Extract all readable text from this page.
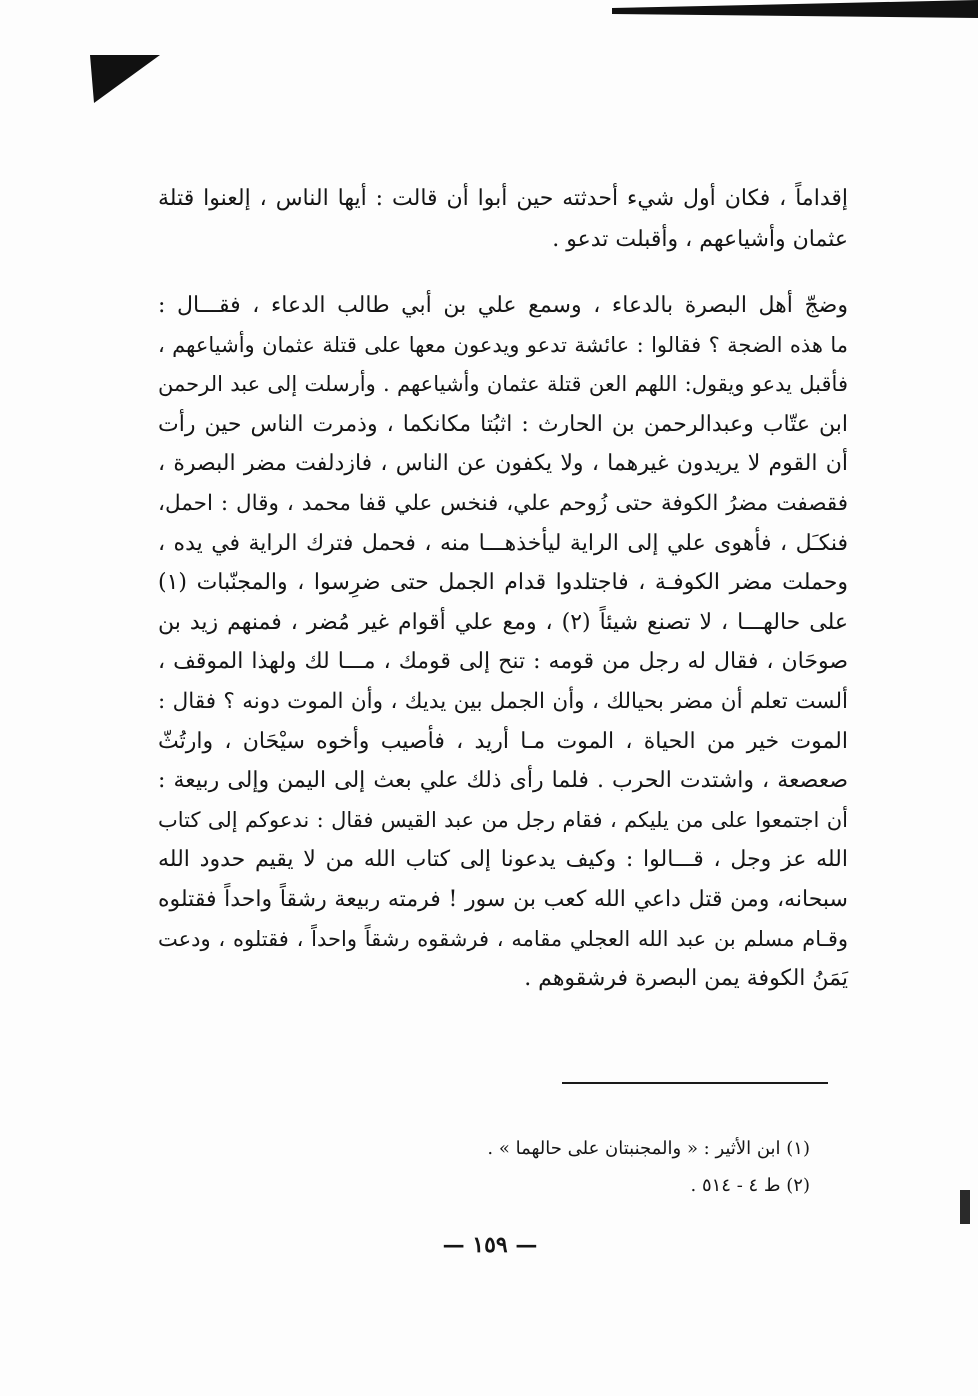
إقداماً ، فكان أول شيء أحدثته حين أبوا أن قالت : أيها الناس ، إلعنوا قتلة
عثمان وأشياعهم ، وأقبلت تدعو .
وضجّ أهل البصرة بالدعاء ، وسمع علي بن أبي طالب الدعاء ، فقـــال :
ما هذه الضجة ؟ فقالوا : عائشة تدعو ويدعون معها على قتلة عثمان وأشياعهم ،
فأقبل يدعو ويقول: اللهم العن قتلة عثمان وأشياعهم . وأرسلت إلى عبد الرحمن
ابن عتّاب وعبدالرحمن بن الحارث : اثبُتا مكانكما ، وذمرت الناس حين رأت
أن القوم لا يريدون غيرهما ، ولا يكفون عن الناس ، فازدلفت مضر البصرة ،
فقصفت مضرُ الكوفة حتى زُوحم علي، فنخس علي قفا محمد ، وقال : احمل،
فنكـَل ، فأهوى علي إلى الراية ليأخذهـــا منه ، فحمل فترك الراية في يده ،
وحملت مضر الكوفـة ، فاجتلدوا قدام الجمل حتى ضرِسوا ، والمجنّبات (١)
على حالهـــا ، لا تصنع شيئاً (٢) ، ومع علي أقوام غير مُضر ، فمنهم زيد بن
صوحَان ، فقال له رجل من قومه : تنح إلى قومك ، مـــا لك ولهذا الموقف ،
ألست تعلم أن مضر بحيالك ، وأن الجمل بين يديك ، وأن الموت دونه ؟ فقال :
الموت خير من الحياة ، الموت مـا أريد ، فأصيب وأخوه سيْحَان ، وارتُثّ
صعصعة ، واشتدت الحرب . فلما رأى ذلك علي بعث إلى اليمن وإلى ربيعة :
أن اجتمعوا على من يليكم ، فقام رجل من عبد القيس فقال : ندعوكم إلى كتاب
الله عز وجل ، قـــالوا : وكيف يدعونا إلى كتاب الله من لا يقيم حدود الله
سبحانه، ومن قتل داعي الله كعب بن سور ! فرمته ربيعة رشقاً واحداً فقتلوه
وقـام مسلم بن عبد الله العجلي مقامه ، فرشقوه رشقاً واحداً ، فقتلوه ، ودعت
يَمَنُ الكوفة يمن البصرة فرشقوهم .
(١) ابن الأثير : « والمجنبتان على حالهما » .
(٢) ط ٤ - ٥١٤ .
— ١٥٩ —
